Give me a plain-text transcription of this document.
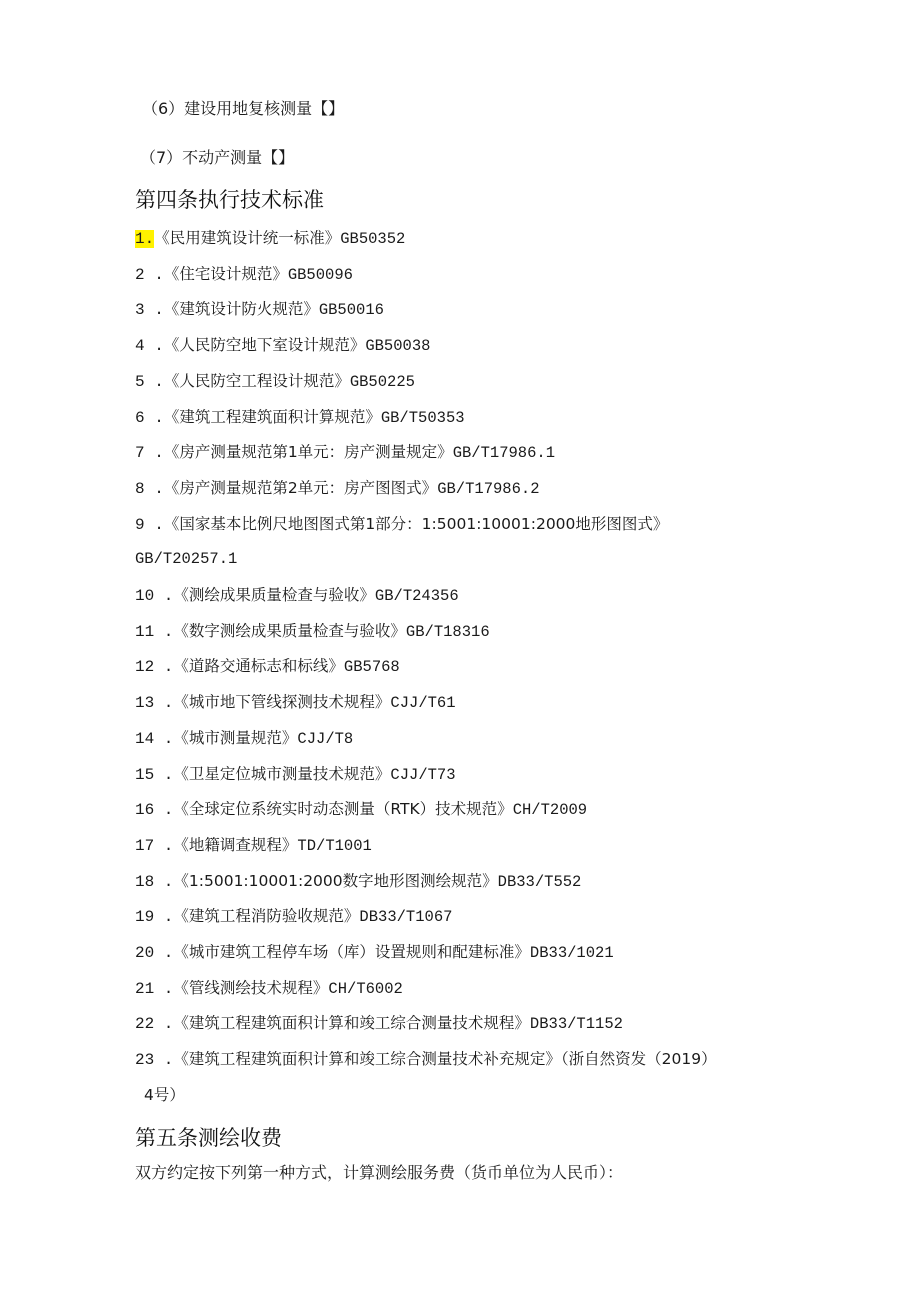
（6）建设用地复核测量【】
（7）不动产测量【】
第四条执行技术标准
1.《民用建筑设计统一标准》GB50352
2 .《住宅设计规范》GB50096
3 .《建筑设计防火规范》GB50016
4 .《人民防空地下室设计规范》GB50038
5 .《人民防空工程设计规范》GB50225
6 .《建筑工程建筑面积计算规范》GB/T50353
7 .《房产测量规范第1单元：房产测量规定》GB/T17986.1
8 .《房产测量规范第2单元：房产图图式》GB/T17986.2
9 .《国家基本比例尺地图图式第1部分：1:5001:10001:2000地形图图式》
GB/T20257.1
10 .《测绘成果质量检查与验收》GB/T24356
11 .《数字测绘成果质量检查与验收》GB/T18316
12 .《道路交通标志和标线》GB5768
13 .《城市地下管线探测技术规程》CJJ/T61
14 .《城市测量规范》CJJ/T8
15 .《卫星定位城市测量技术规范》CJJ/T73
16 .《全球定位系统实时动态测量（RTK）技术规范》CH/T2009
17 .《地籍调查规程》TD/T1001
18 .《1:5001:10001:2000数字地形图测绘规范》DB33/T552
19 .《建筑工程消防验收规范》DB33/T1067
20 .《城市建筑工程停车场（库）设置规则和配建标准》DB33/1021
21 .《管线测绘技术规程》CH/T6002
22 .《建筑工程建筑面积计算和竣工综合测量技术规程》DB33/T1152
23 .《建筑工程建筑面积计算和竣工综合测量技术补充规定》（浙自然资发（2019）
4号）
第五条测绘收费
双方约定按下列第一种方式，计算测绘服务费（货币单位为人民币）：
